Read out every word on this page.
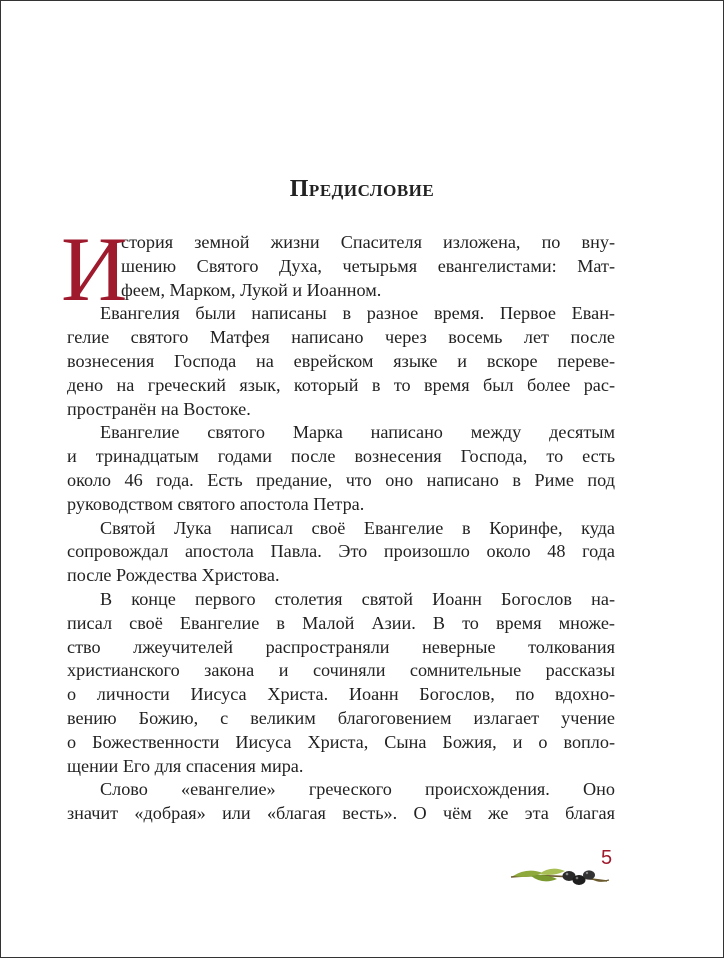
Предисловие
И
стория земной жизни Спасителя изложена, по вну-
шению Святого Духа, четырьмя евангелистами: Мат-
феем, Марком, Лукой и Иоанном.
Евангелия были написаны в разное время. Первое Еван-
гелие святого Матфея написано через восемь лет после
вознесения Господа на еврейском языке и вскоре переве-
дено на греческий язык, который в то время был более рас-
пространён на Востоке.
Евангелие святого Марка написано между десятым
и тринадцатым годами после вознесения Господа, то есть
около 46 года. Есть предание, что оно написано в Риме под
руководством святого апостола Петра.
Святой Лука написал своё Евангелие в Коринфе, куда
сопровождал апостола Павла. Это произошло около 48 года
после Рождества Христова.
В конце первого столетия святой Иоанн Богослов на-
писал своё Евангелие в Малой Азии. В то время множе-
ство лжеучителей распространяли неверные толкования
христианского закона и сочиняли сомнительные рассказы
о личности Иисуса Христа. Иоанн Богослов, по вдохно-
вению Божию, с великим благоговением излагает учение
о Божественности Иисуса Христа, Сына Божия, и о вопло-
щении Его для спасения мира.
Слово «евангелие» греческого происхождения. Оно
значит «добрая» или «благая весть». О чём же эта благая
5
